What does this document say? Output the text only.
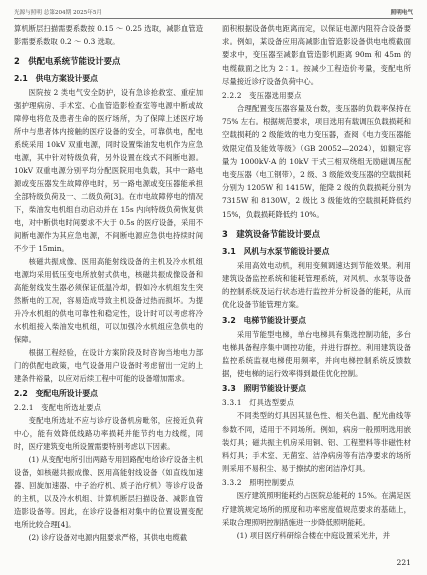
光源与照明 总第204期 2025年5月	照明电气

算机断层扫描需要系数按 0.15 ～ 0.25 选取，减影血管造影需要系数取 0.2 ～ 0.3 选取。

2　供配电系统节能设计要点
2.1　供电方案设计要点

医院按 2 类电气安全防护，设有急诊抢救室、重症加强护理病房、手术室、心血管造影检查室等电源中断或故障停电将危及患者生命的医疗场所，为了保障上述医疗场所中与患者体内接触的医疗设备的安全，可靠供电，配电系统采用 10kV 双重电源，同时设置柴油发电机作为应急电源，其中针对特级负荷，另外设置在线式不间断电源。10kV 双重电源分别平均分配医院用电负载，其中一路电源或变压器发生故障停电时，另一路电源或变压器能承担全部特级负荷及一、二级负荷[3]。在市电故障停电的情况下，柴油发电机组自动启动并在 15s 内向特级负荷恢复供电，对中断供电时间要求不大于 0.5s 的医疗设备，采用不间断电源作为其应急电源，不间断电源应急供电持续时间不少于 15min。

核磁共振成像、医用高能射线设备的主机及冷水机组电源均采用低压变电所放射式供电，核磁共振成像设备和高能射线发生器必须保证低温冷却，假如冷水机组发生突然断电的工况，容易造成导致主机设备过热而损坏。为提升冷水机组的供电可靠性和稳定性，设计时可以考虑将冷水机组接入柴油发电机组，可以加强冷水机组应急供电的保障。

根据工程经验，在设计方案阶段及时咨询当地电力部门的供配电政策，电气设备用户设备时考虑留出一定的上建条件裕量，以应对后续工程中可能的设备增加需求。

2.2　变配电所设计要点
2.2.1　变配电所选址要点

变配电所选址不应与诊疗设备机房毗邻，应接近负荷中心，能有效降低线路功率损耗并能节约电力线缆，同时，医疗建筑变电所设置需要特别考虑以下因素。

(1) 从变配电所引出两路专用回路配电给诊疗设备主机设备，如核磁共振成像、医用高能射线设备（如直线加速器、回旋加速器、中子治疗机、质子治疗机）等诊疗设备的主机，以及冷水机组、计算机断层扫描设备、减影血管造影设备等。因此，在诊疗设备相对集中的位置设置变配电所比较合理[4]。

(2) 诊疗设备对电源内阻要求严格，其供电电缆截

面积根据设备供电距离而定，以保证电源内阻符合设备要求。例如，某设备应用高减影血管造影设备供电电缆截面要求中，变压器至减影血管造影机距离 90m 和 45m 的电缆截面之比为 2∶1。按减少工程造价考量，变配电所尽量接近诊疗设备负荷中心。

2.2.2　变压器选用要点

合理配置变压器容量及台数，变压器的负载率保持在 75% 左右。根据规范要求，项目选用有载调压负载损耗和空载损耗的 2 级能效的电力变压器，查阅《电力变压器能效限定值及能效等级》（GB 20052—2024），如额定容量为 1000kV·A 的 10kV 干式三相双绕组无励磁调压配电变压器（电工钢带），2 级、3 级能效变压器的空载损耗分别为 1205W 和 1415W，能降 2 级的负载损耗分别为 7315W 和 8130W，2 级比 3 级能效的空载损耗降低约 15%，负载损耗降低约 10%。

3　建筑设备节能设计要点
3.1　风机与水泵节能设计要点

采用高效电动机，利用变频调速达到节能效果。利用建筑设备监控系统和能耗管理系统，对风机、水泵等设备的控制系统及运行状态进行监控并分析设备的能耗，从而优化设备节能管理方案。

3.2　电梯节能设计要点

采用节能型电梯，单台电梯具有集选控制功能，多台电梯具备程序集中调控功能，并进行群控。利用建筑设备监控系统监视电梯使用频率，并向电梯控制系统反馈数据，使电梯的运行效率得到最佳优化控制。

3.3　照明节能设计要点
3.3.1　灯具选型要点

不同类型的灯具因其显色性、相关色温、配光曲线等参数不同，适用于不同场所。例如，病房一般照明选用嵌装灯具；磁共振主机房采用铜、铝、工程塑料等非磁性材料灯具；手术室、无菌室、洁净病房等有洁净要求的场所则采用不易积尘、易于擦拭的密闭洁净灯具。

3.3.2　照明控制要点

医疗建筑照明能耗约占医院总能耗的 15%。在满足医疗建筑规定场所的照度和功率密度值规范要求的基础上，采取合理照明控制措施进一步降低照明能耗。

(1) 项目医疗科研综合楼在中庭设置采光井，并

221
